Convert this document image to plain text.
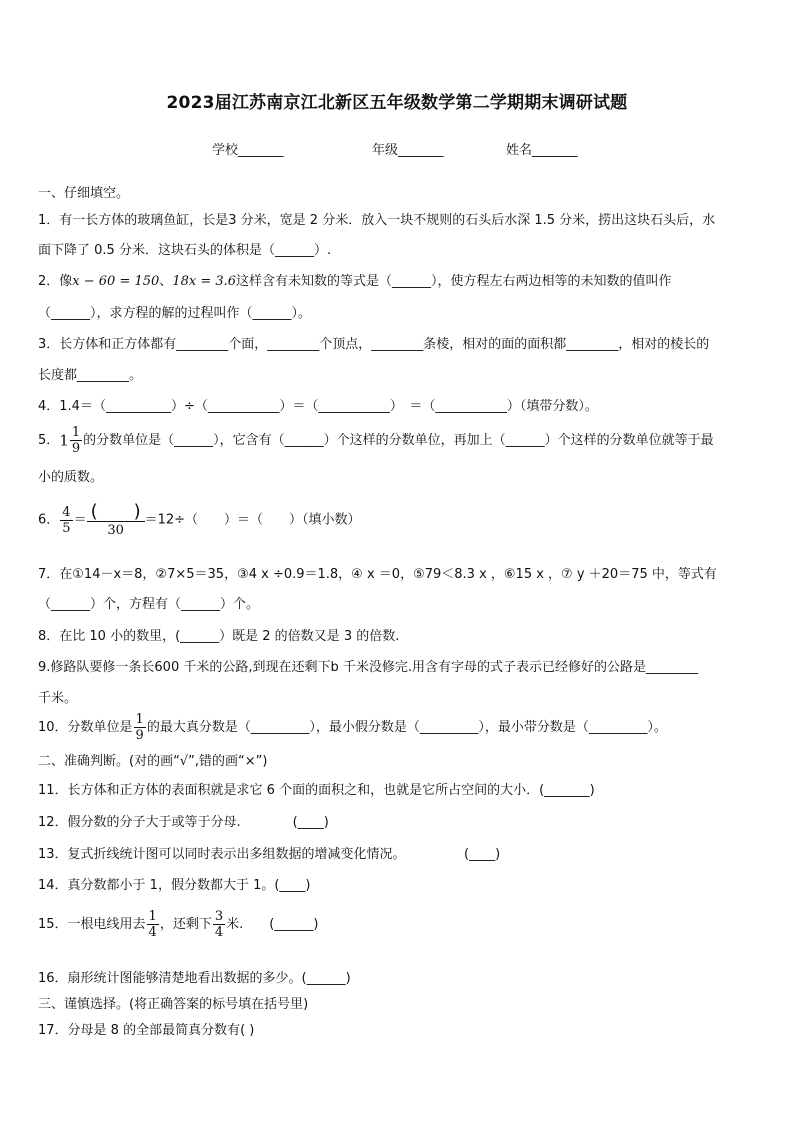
2023届江苏南京江北新区五年级数学第二学期期末调研试题
学校_______	年级_______	姓名_______
一、仔细填空。
1．有一长方体的玻璃鱼缸，长是3 分米，宽是 2 分米．放入一块不规则的石头后水深 1.5 分米，捞出这块石头后，水
面下降了 0.5 分米．这块石头的体积是（______）.
2．像x − 60 = 150、18x = 3.6这样含有未知数的等式是（______），使方程左右两边相等的未知数的值叫作
（______），求方程的解的过程叫作（______）。
3．长方体和正方体都有________个面，________个顶点，________条棱，相对的面的面积都________，相对的棱长的
长度都________。
4．1.4＝（__________）÷（___________）＝（___________）　＝（___________）（填带分数）。
5．$1 \frac{1}{9}$ 的分数单位是（______），它含有（______）个这样的分数单位，再加上（______）个这样的分数单位就等于最
小的质数。
6． $\frac{4}{5}$ ＝ (　　)
30
＝12÷（　　）＝（　　）（填小数）
7．在①14－x＝8，②7×5＝35，③4 x ÷0.9＝1.8，④ x ＝0，⑤79＜8.3 x ，⑥15 x ，⑦ y ＋20＝75 中，等式有
（______）个，方程有（______）个。
8．在比 10 小的数里，(______）既是 2 的倍数又是 3 的倍数.
9.修路队要修一条长600 千米的公路,到现在还剩下b 千米没修完.用含有字母的式子表示已经修好的公路是________
千米。
10．分数单位是 $\frac{1}{9}$ 的最大真分数是（_________），最小假分数是（_________），最小带分数是（_________）。
二、准确判断。(对的画“√”,错的画“×”)
11．长方体和正方体的表面积就是求它 6 个面的面积之和，也就是它所占空间的大小．(_______)
12．假分数的分子大于或等于分母.　　　　(____)
13．复式折线统计图可以同时表示出多组数据的增减变化情况。　　　　　(____)
14．真分数都小于 1，假分数都大于 1。(____)
15．一根电线用去 $\frac{1}{4}$ ，还剩下 $\frac{3}{4}$ 米.　　(______)
16．扇形统计图能够清楚地看出数据的多少。(______)
三、谨慎选择。(将正确答案的标号填在括号里)
17．分母是 8 的全部最简真分数有( )
